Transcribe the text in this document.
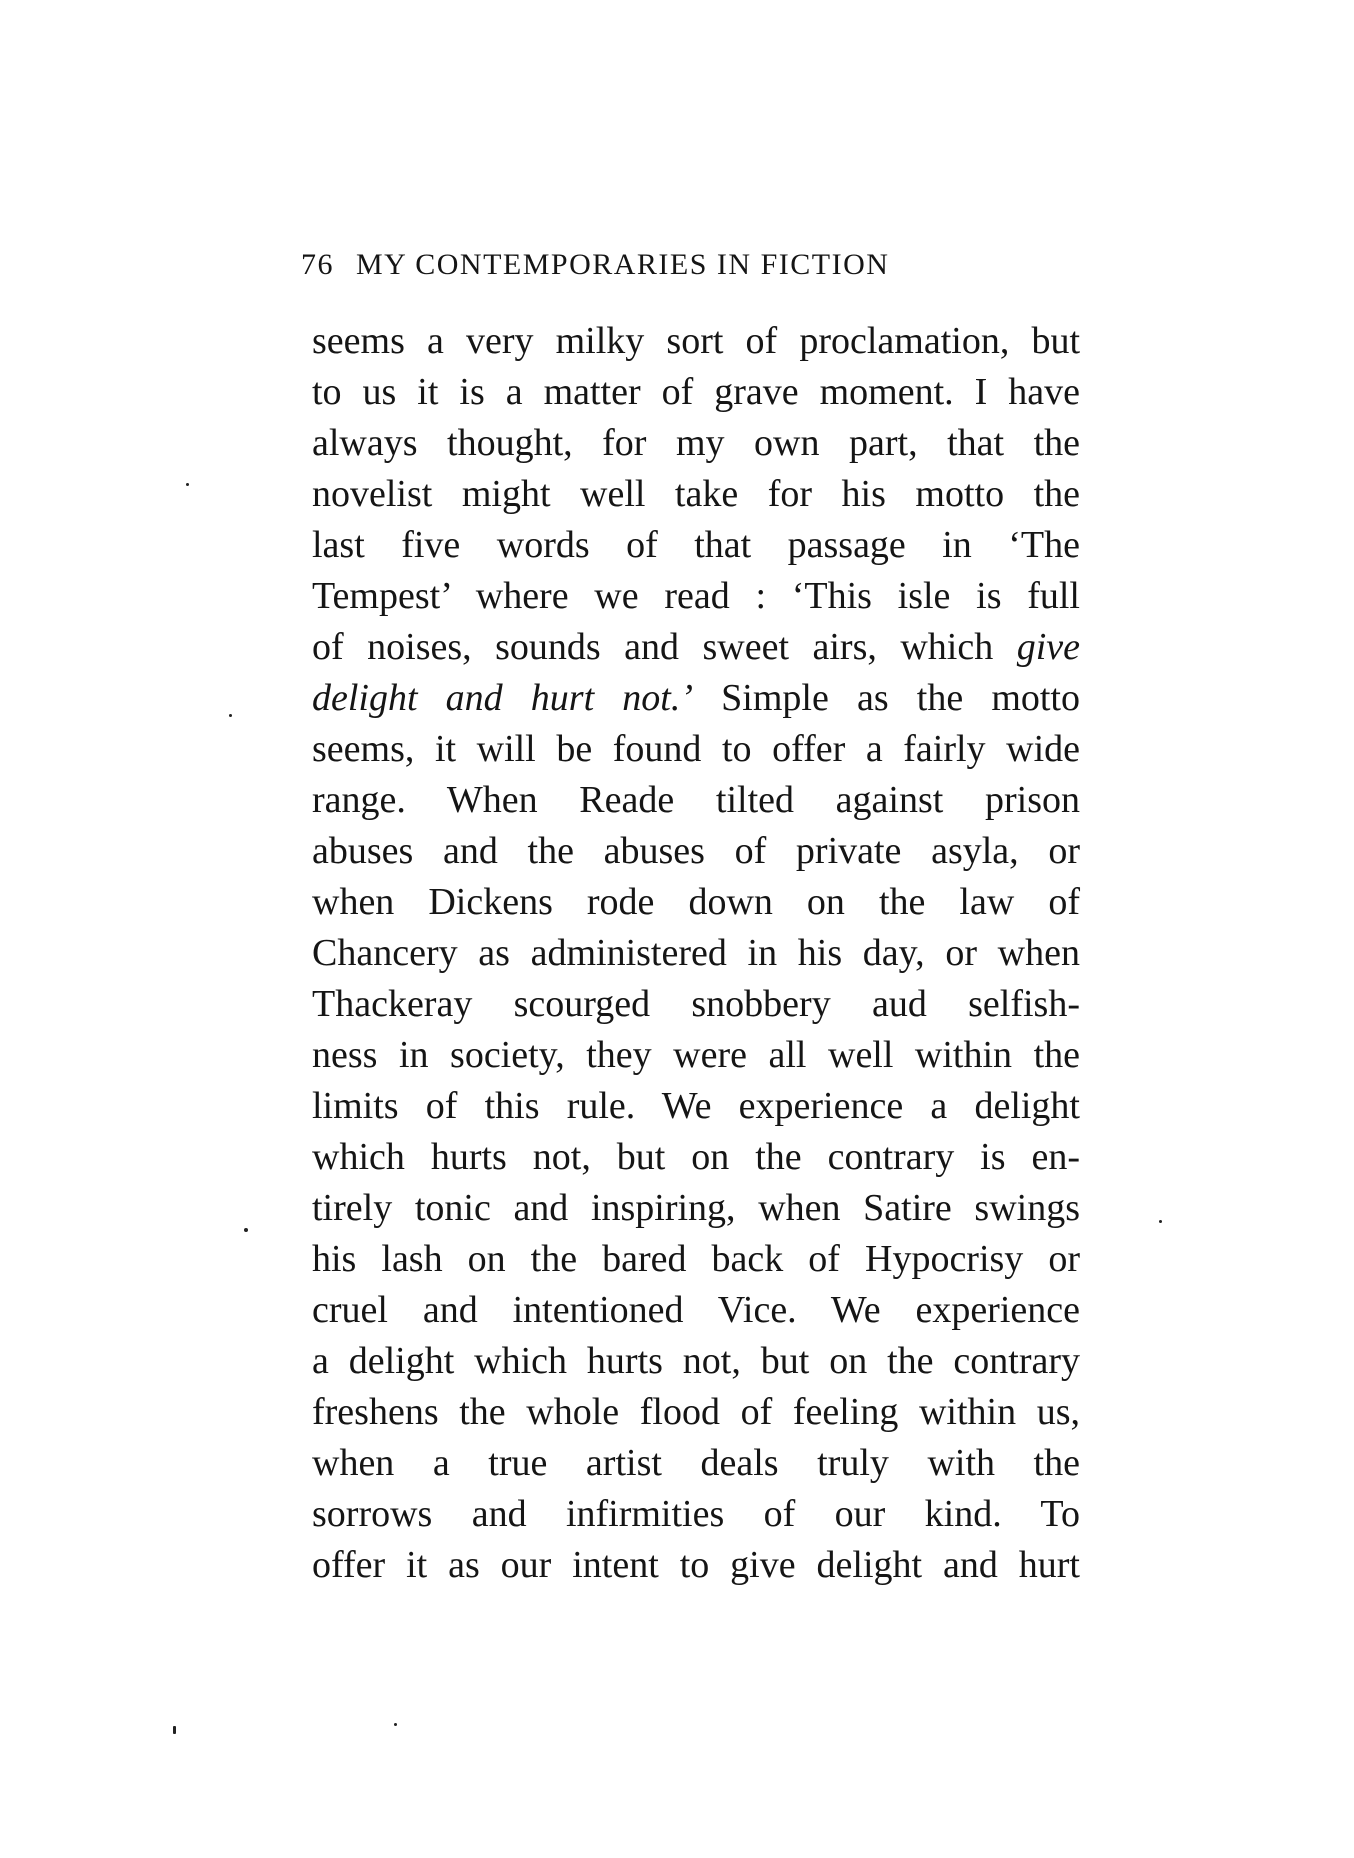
76 MY CONTEMPORARIES IN FICTION
seems a very milky sort of proclamation, but
to us it is a matter of grave moment. I have
always thought, for my own part, that the
novelist might well take for his motto the
last five words of that passage in ‘The
Tempest’ where we read : ‘This isle is full
of noises, sounds and sweet airs, which give
delight and hurt not.’ Simple as the motto
seems, it will be found to offer a fairly wide
range. When Reade tilted against prison
abuses and the abuses of private asyla, or
when Dickens rode down on the law of
Chancery as administered in his day, or when
Thackeray scourged snobbery aud selfish-
ness in society, they were all well within the
limits of this rule. We experience a delight
which hurts not, but on the contrary is en-
tirely tonic and inspiring, when Satire swings
his lash on the bared back of Hypocrisy or
cruel and intentioned Vice. We experience
a delight which hurts not, but on the contrary
freshens the whole flood of feeling within us,
when a true artist deals truly with the
sorrows and infirmities of our kind. To
offer it as our intent to give delight and hurt
